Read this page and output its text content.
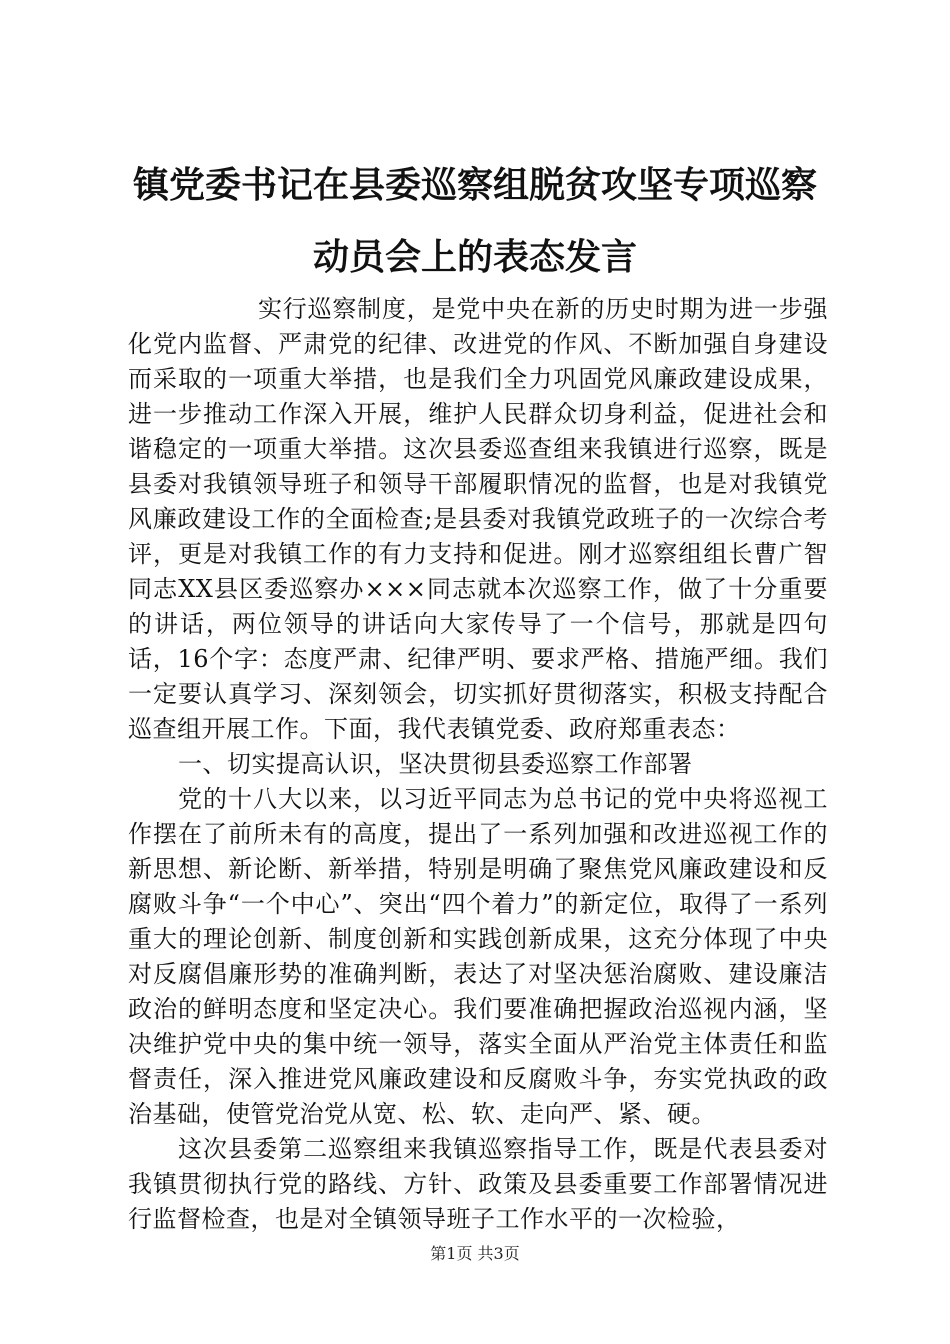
镇党委书记在县委巡察组脱贫攻坚专项巡察动员会上的表态发言

实行巡察制度，是党中央在新的历史时期为进一步强化党内监督、严肃党的纪律、改进党的作风、不断加强自身建设而采取的一项重大举措，也是我们全力巩固党风廉政建设成果，进一步推动工作深入开展，维护人民群众切身利益，促进社会和谐稳定的一项重大举措。这次县委巡查组来我镇进行巡察，既是县委对我镇领导班子和领导干部履职情况的监督，也是对我镇党风廉政建设工作的全面检查;是县委对我镇党政班子的一次综合考评，更是对我镇工作的有力支持和促进。刚才巡察组组长曹广智同志XX县区委巡察办×××同志就本次巡察工作，做了十分重要的讲话，两位领导的讲话向大家传导了一个信号，那就是四句话，16个字：态度严肃、纪律严明、要求严格、措施严细。我们一定要认真学习、深刻领会，切实抓好贯彻落实，积极支持配合巡查组开展工作。下面，我代表镇党委、政府郑重表态：

一、切实提高认识，坚决贯彻县委巡察工作部署

党的十八大以来，以习近平同志为总书记的党中央将巡视工作摆在了前所未有的高度，提出了一系列加强和改进巡视工作的新思想、新论断、新举措，特别是明确了聚焦党风廉政建设和反腐败斗争“一个中心”、突出“四个着力”的新定位，取得了一系列重大的理论创新、制度创新和实践创新成果，这充分体现了中央对反腐倡廉形势的准确判断，表达了对坚决惩治腐败、建设廉洁政治的鲜明态度和坚定决心。我们要准确把握政治巡视内涵，坚决维护党中央的集中统一领导，落实全面从严治党主体责任和监督责任，深入推进党风廉政建设和反腐败斗争，夯实党执政的政治基础，使管党治党从宽、松、软、走向严、紧、硬。

这次县委第二巡察组来我镇巡察指导工作，既是代表县委对我镇贯彻执行党的路线、方针、政策及县委重要工作部署情况进行监督检查，也是对全镇领导班子工作水平的一次检验，

第1页 共3页
